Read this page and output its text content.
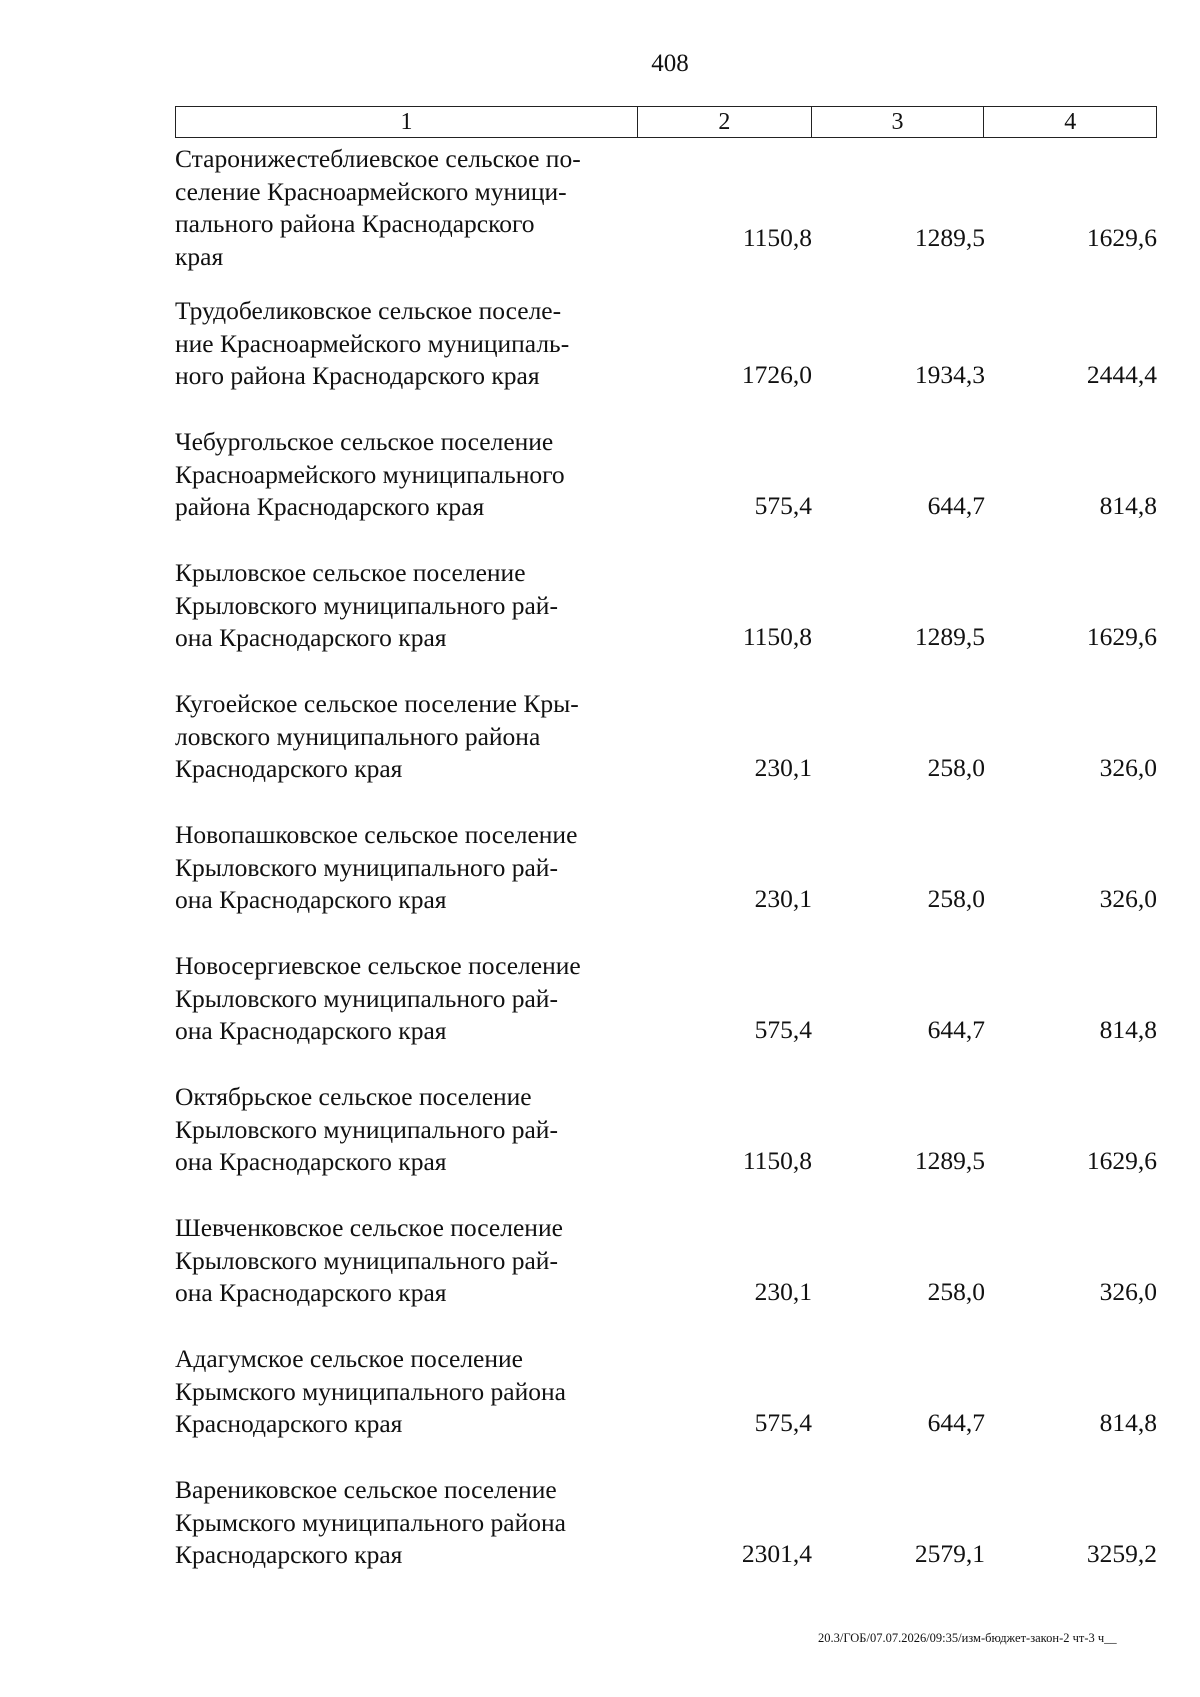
408
1	2	3	4
Старонижестеблиевское сельское по-
селение Красноармейского муници-
пального района Краснодарского
края
1150,8	1289,5	1629,6
Трудобеликовское сельское поселе-
ние Красноармейского муниципаль-
ного района Краснодарского края	1726,0	1934,3	2444,4
Чебургольское сельское поселение
Красноармейского муниципального
района Краснодарского края	575,4	644,7	814,8
Крыловское сельское поселение
Крыловского муниципального рай-
она Краснодарского края	1150,8	1289,5	1629,6
Кугоейское сельское поселение Кры-
ловского муниципального района
Краснодарского края	230,1	258,0	326,0
Новопашковское сельское поселение
Крыловского муниципального рай-
она Краснодарского края	230,1	258,0	326,0
Новосергиевское сельское поселение
Крыловского муниципального рай-
она Краснодарского края	575,4	644,7	814,8
Октябрьское сельское поселение
Крыловского муниципального рай-
она Краснодарского края	1150,8	1289,5	1629,6
Шевченковское сельское поселение
Крыловского муниципального рай-
она Краснодарского края	230,1	258,0	326,0
Адагумское сельское поселение
Крымского муниципального района
Краснодарского края	575,4	644,7	814,8
Варениковское сельское поселение
Крымского муниципального района
Краснодарского края	2301,4	2579,1	3259,2
20.3/ГОБ/07.07.2026/09:35/изм-бюджет-закон-2 чт-3 ч__
